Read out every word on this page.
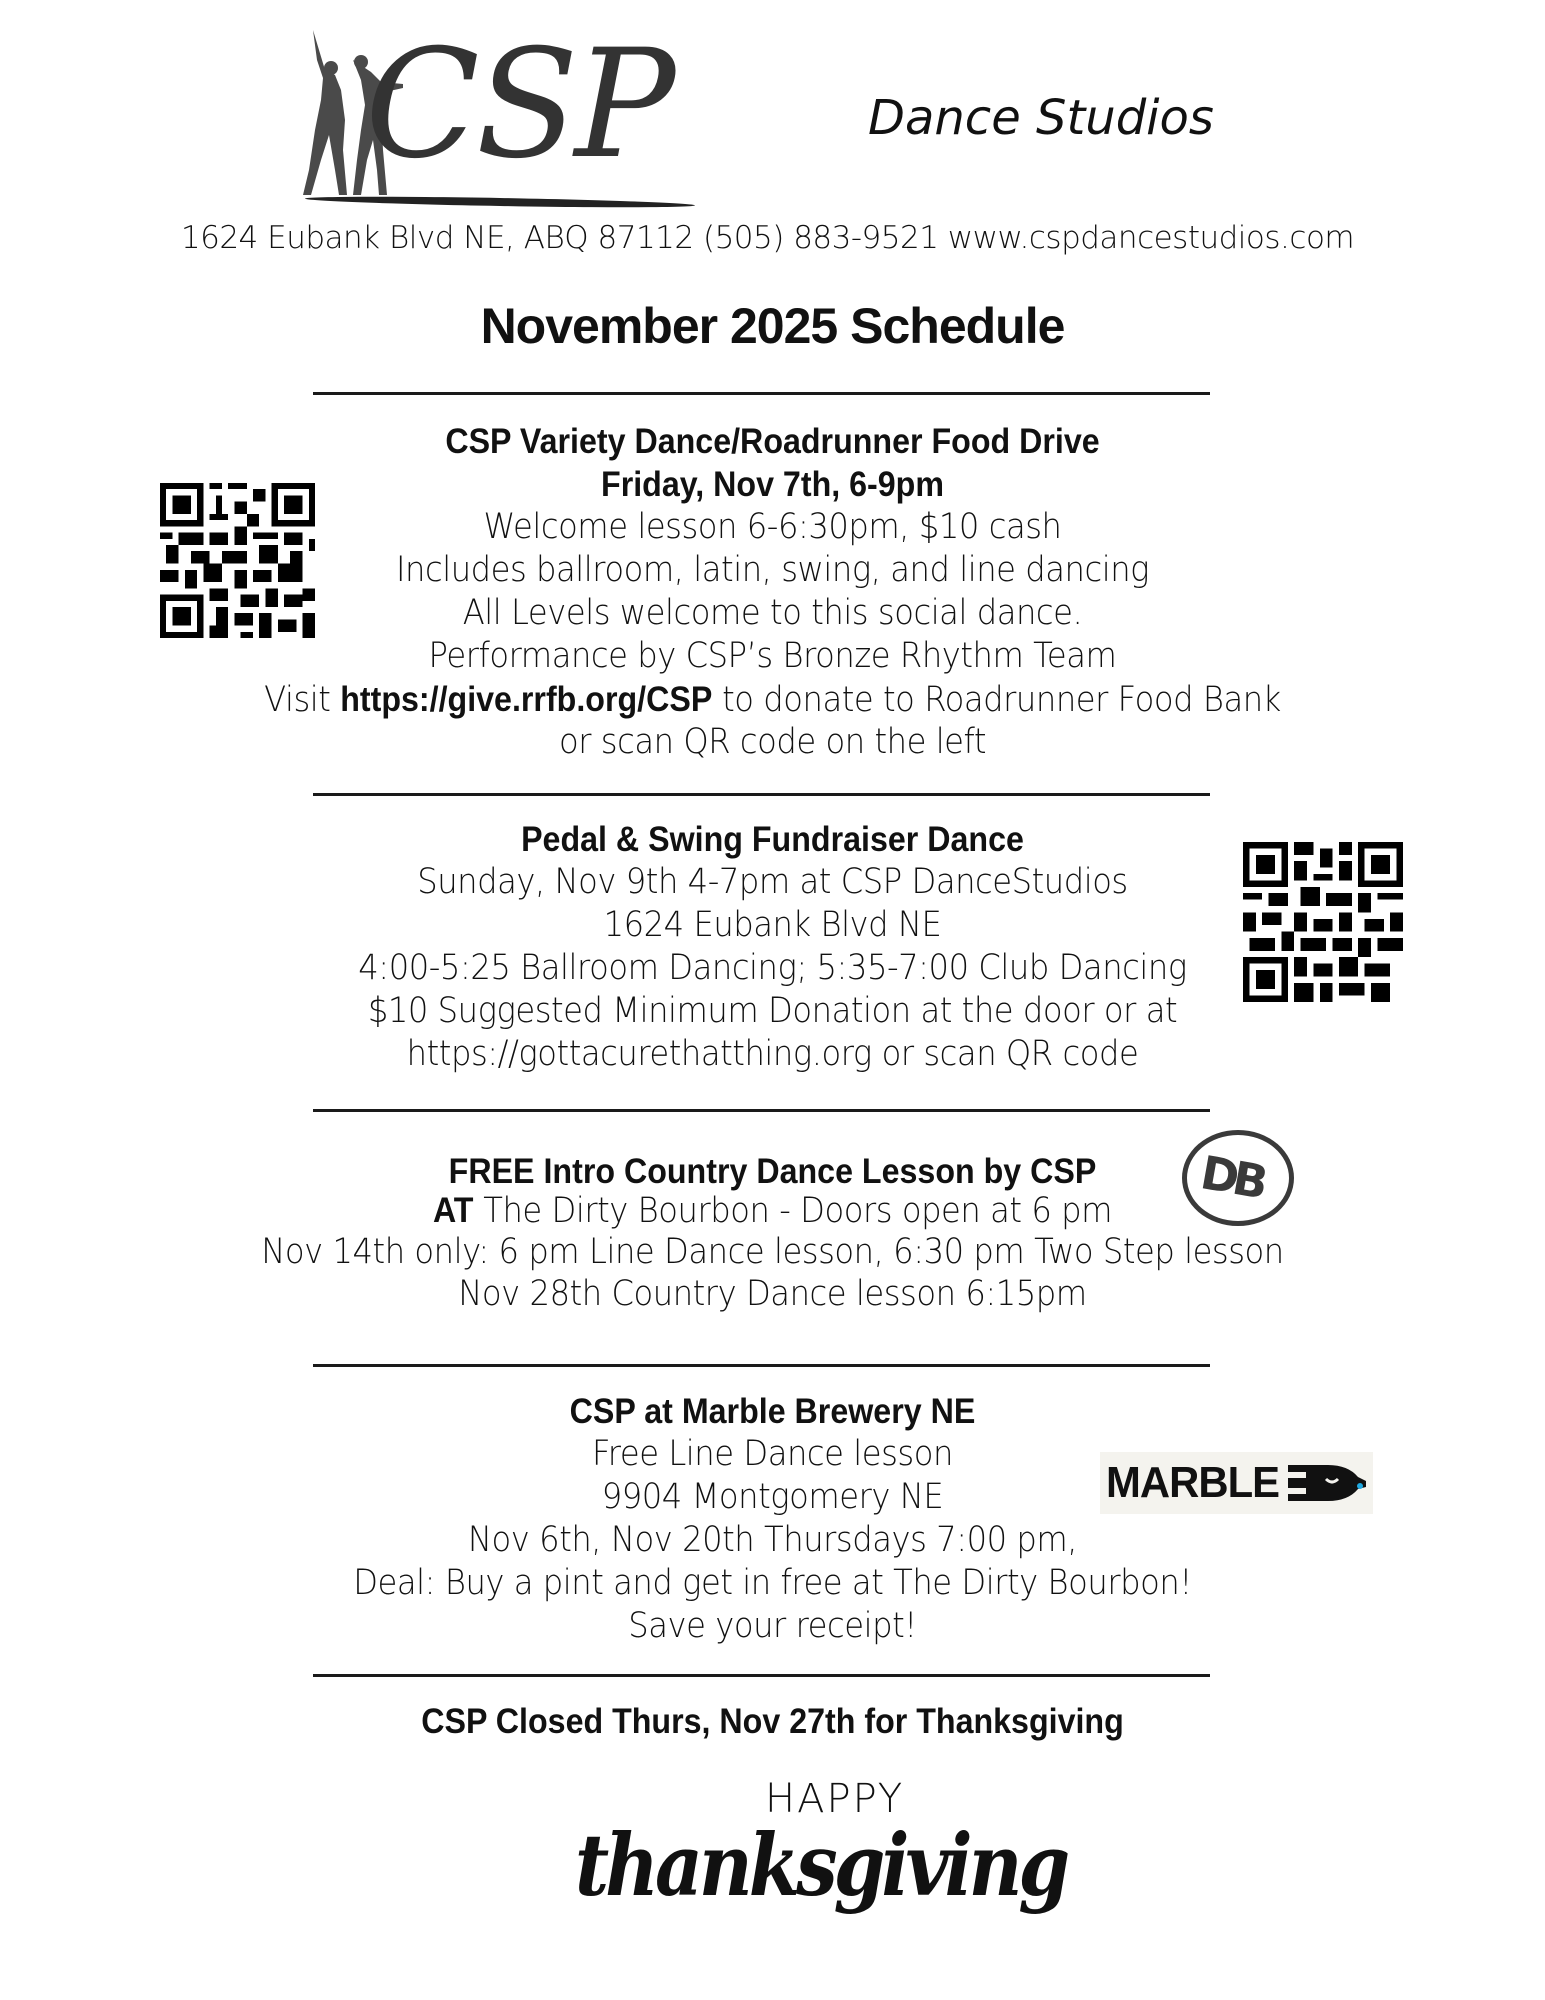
CSP	Dance Studios
1624 Eubank Blvd NE, ABQ 87112 (505) 883-9521 www.cspdancestudios.com
November 2025 Schedule
CSP Variety Dance/Roadrunner Food Drive
Friday, Nov 7th, 6-9pm
Welcome lesson 6-6:30pm, $10 cash
Includes ballroom, latin, swing, and line dancing
All Levels welcome to this social dance.
Performance by CSP’s Bronze Rhythm Team
Visit https://give.rrfb.org/CSP to donate to Roadrunner Food Bank
or scan QR code on the left
Pedal & Swing Fundraiser Dance
Sunday, Nov 9th 4-7pm at CSP DanceStudios
1624 Eubank Blvd NE
4:00-5:25 Ballroom Dancing; 5:35-7:00 Club Dancing
$10 Suggested Minimum Donation at the door or at
https://gottacurethatthing.org or scan QR code
FREE Intro Country Dance Lesson by CSP
AT The Dirty Bourbon - Doors open at 6 pm
Nov 14th only: 6 pm Line Dance lesson, 6:30 pm Two Step lesson
Nov 28th Country Dance lesson 6:15pm
DB
CSP at Marble Brewery NE
Free Line Dance lesson
9904 Montgomery NE
Nov 6th, Nov 20th Thursdays 7:00 pm,
Deal: Buy a pint and get in free at The Dirty Bourbon!
Save your receipt!
MARBLE
CSP Closed Thurs, Nov 27th for Thanksgiving
HAPPY
thanksgiving
